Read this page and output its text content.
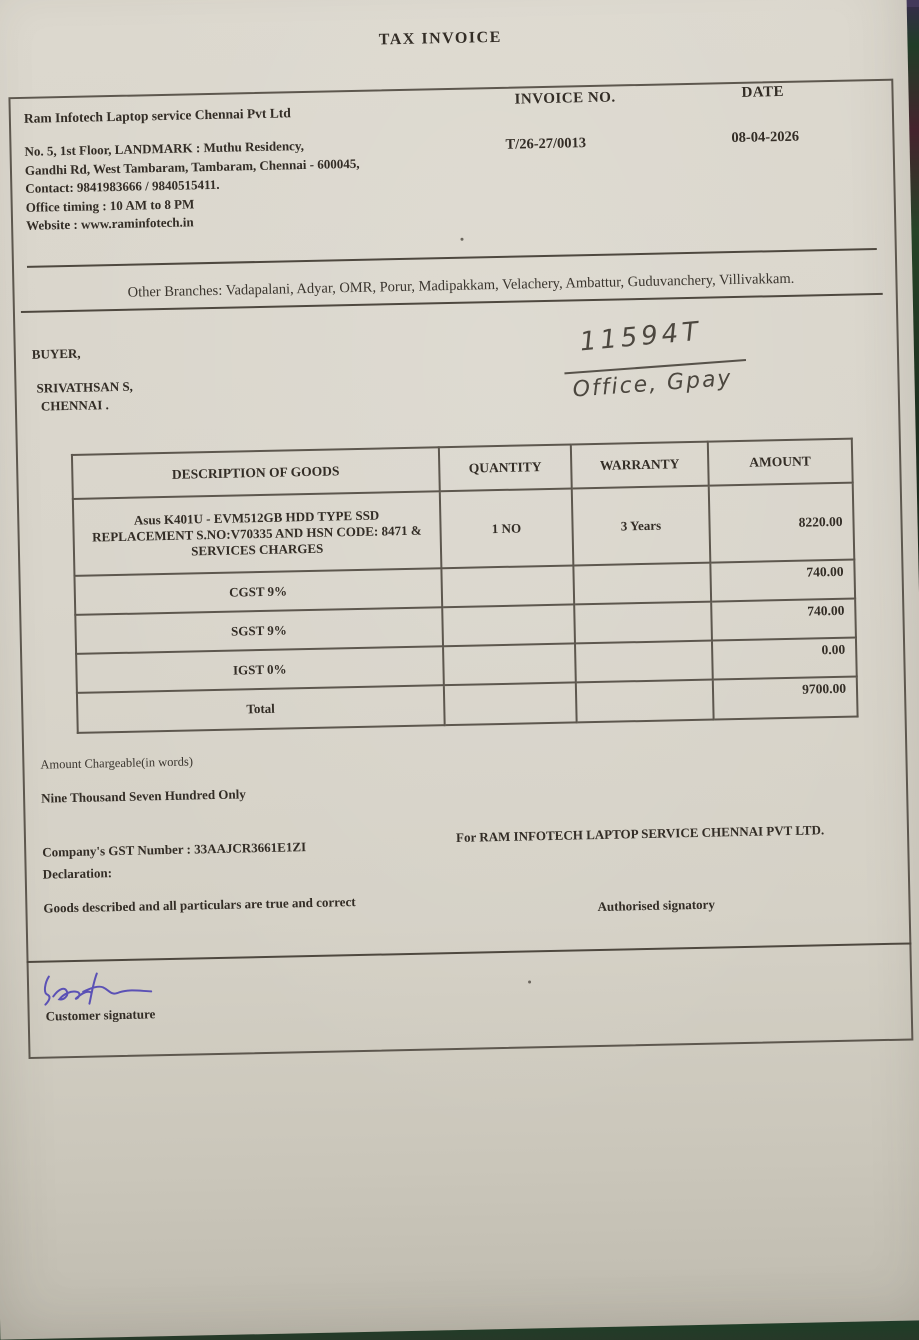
TAX INVOICE
Ram Infotech Laptop service Chennai Pvt Ltd
No. 5, 1st Floor, LANDMARK : Muthu Residency,
Gandhi Rd, West Tambaram, Tambaram, Chennai - 600045,
Contact: 9841983666 / 9840515411.
Office timing : 10 AM to 8 PM
Website : www.raminfotech.in
INVOICE NO.
T/26-27/0013
DATE
08-04-2026
Other Branches: Vadapalani, Adyar, OMR, Porur, Madipakkam, Velachery, Ambattur, Guduvanchery, Villivakkam.
BUYER,
SRIVATHSAN S,
CHENNAI .
11594T
Office, Gpay
DESCRIPTION OF GOODS	QUANTITY	WARRANTY	AMOUNT
Asus K401U - EVM512GB HDD TYPE SSD REPLACEMENT S.NO:V70335 AND HSN CODE: 8471 & SERVICES CHARGES	1 NO	3 Years	8220.00
CGST 9%			740.00
SGST 9%			740.00
IGST 0%			0.00
Total			9700.00
Amount Chargeable(in words)
Nine Thousand Seven Hundred Only
Company's GST Number : 33AAJCR3661E1ZI
Declaration:
Goods described and all particulars are true and correct
For RAM INFOTECH LAPTOP SERVICE CHENNAI PVT LTD.
Authorised signatory
Customer signature
